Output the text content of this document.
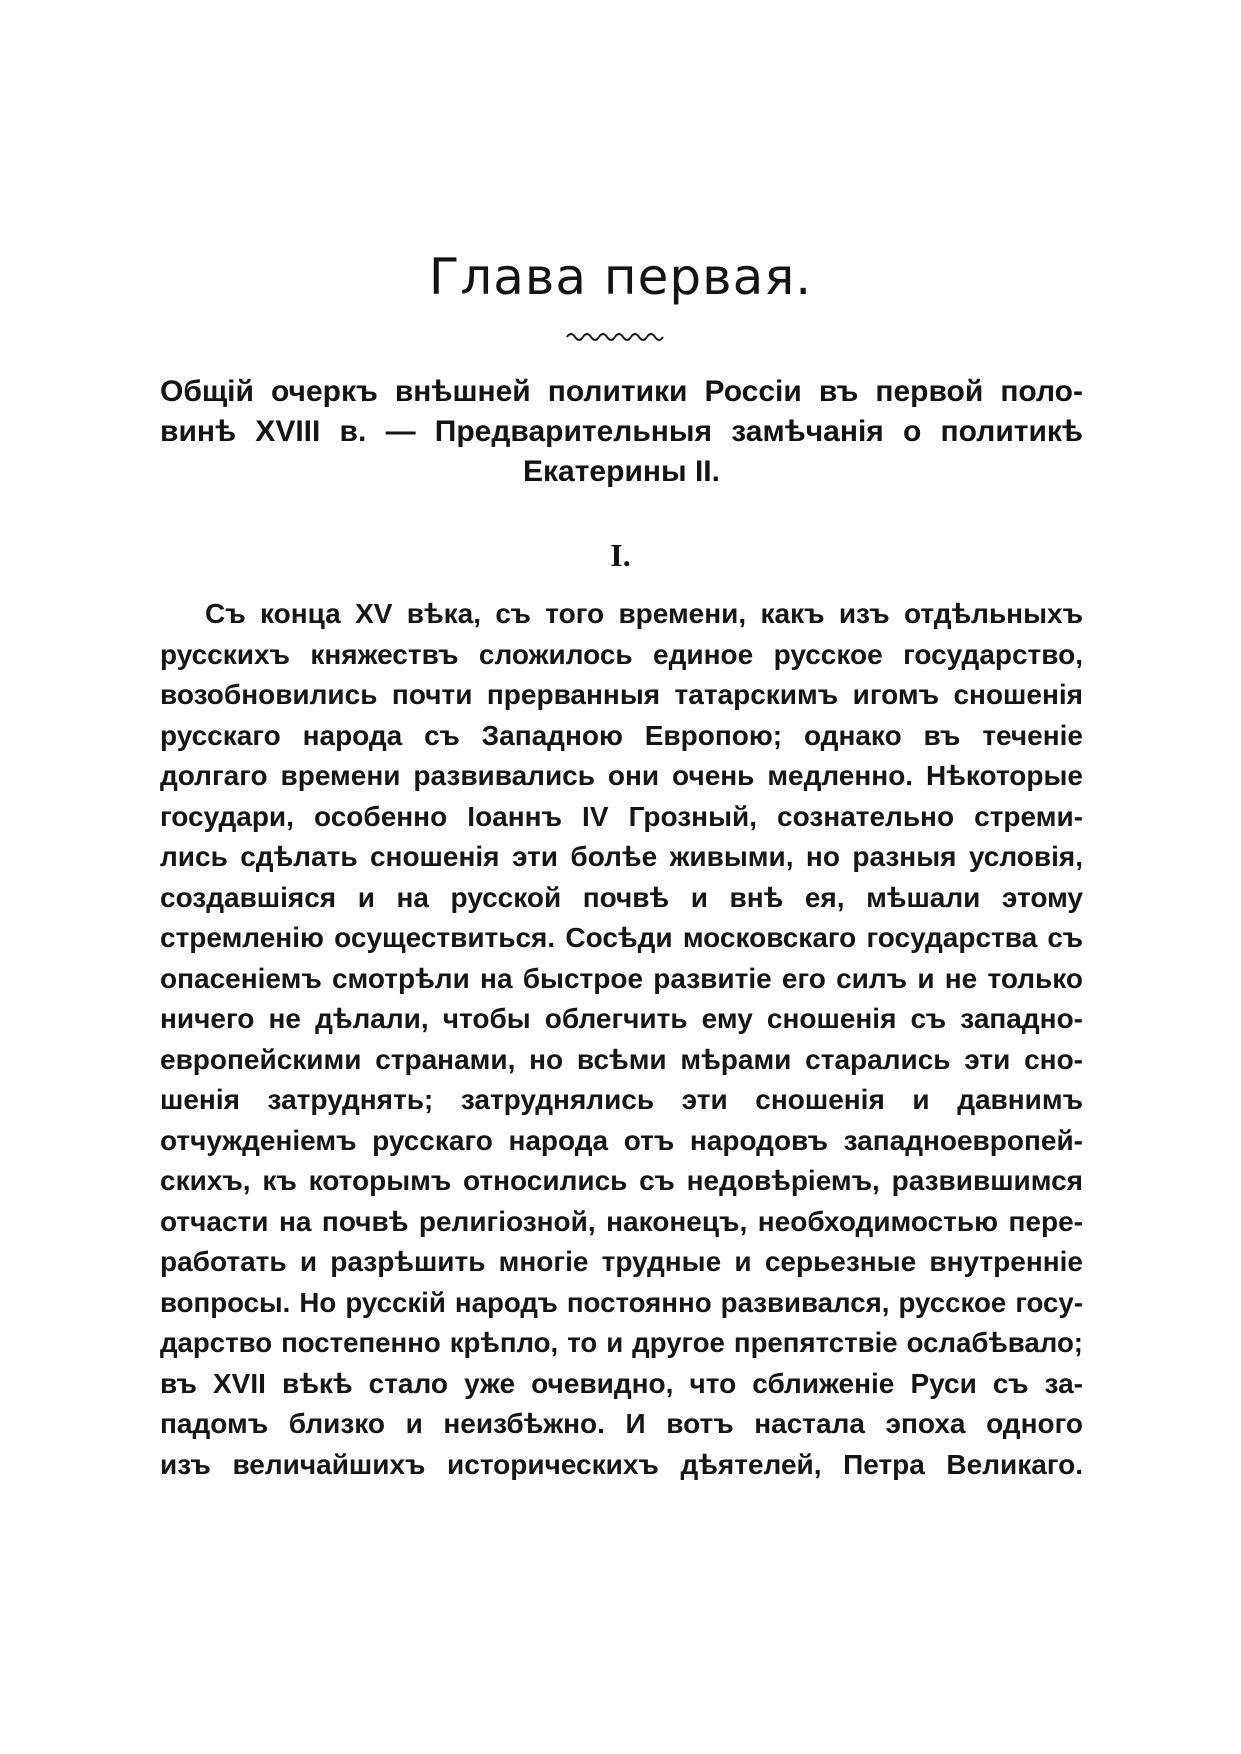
Глава первая.
Общій очеркъ внѣшней политики Россіи въ первой поло-
винѣ XVIII в. — Предварительныя замѣчанія о политикѣ
Екатерины II.
I.
Съ конца XV вѣка, съ того времени, какъ изъ отдѣльныхъ
русскихъ княжествъ сложилось единое русское государство,
возобновились почти прерванныя татарскимъ игомъ сношенія
русскаго народа съ Западною Европою; однако въ теченіе
долгаго времени развивались они очень медленно. Нѣкоторые
государи, особенно Іоаннъ IV Грозный, сознательно стреми-
лись сдѣлать сношенія эти болѣе живыми, но разныя условія,
создавшіяся и на русской почвѣ и внѣ ея, мѣшали этому
стремленію осуществиться. Сосѣди московскаго государства съ
опасеніемъ смотрѣли на быстрое развитіе его силъ и не только
ничего не дѣлали, чтобы облегчить ему сношенія съ западно-
европейскими странами, но всѣми мѣрами старались эти сно-
шенія затруднять; затруднялись эти сношенія и давнимъ
отчужденіемъ русскаго народа отъ народовъ западноевропей-
скихъ, къ которымъ относились съ недовѣріемъ, развившимся
отчасти на почвѣ религіозной, наконецъ, необходимостью пере-
работать и разрѣшить многіе трудные и серьезные внутренніе
вопросы. Но русскій народъ постоянно развивался, русское госу-
дарство постепенно крѣпло, то и другое препятствіе ослабѣвало;
въ XVII вѣкѣ стало уже очевидно, что сближеніе Руси съ за-
падомъ близко и неизбѣжно. И вотъ настала эпоха одного
изъ величайшихъ историческихъ дѣятелей, Петра Великаго.
